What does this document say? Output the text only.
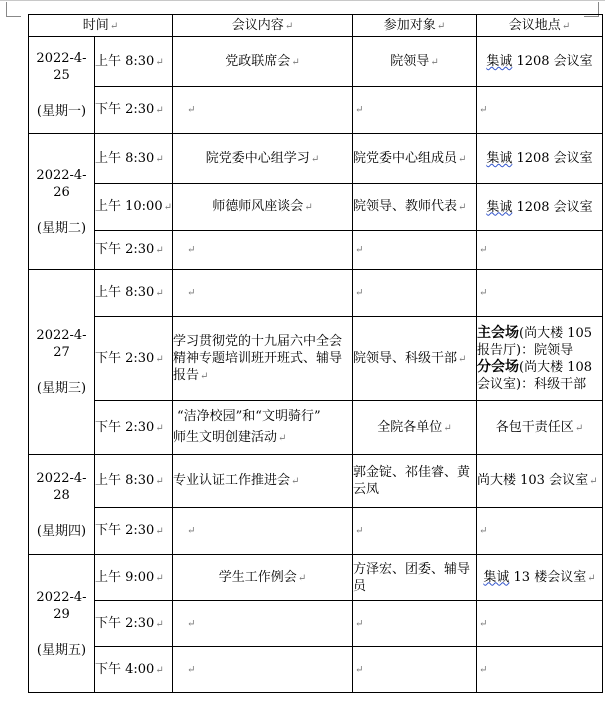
时间↵		会议内容↵	参加对象↵	会议地点↵

2022-4-25
(星期一)	上午 8:30↵	党政联席会↵	院领导↵	集诚 1208 会议室
	下午 2:30↵	↵	↵	↵

2022-4-26
(星期二)	上午 8:30↵	院党委中心组学习↵	院党委中心组成员↵	集诚 1208 会议室
	上午 10:00↵	师德师风座谈会↵	院领导、教师代表↵	集诚 1208 会议室
	下午 2:30↵	↵	↵	↵

2022-4-27
(星期三)	上午 8:30↵	↵	↵	↵

	下午 2:30↵	学习贯彻党的十九届六中全会精神专题培训班开班式、辅导报告↵	院领导、科级干部↵	主会场(尚大楼 105 报告厅)：院领导
分会场(尚大楼 108 会议室)：科级干部
	下午 2:30↵	“洁净校园”和“文明骑行”
师生文明创建活动↵	全院各单位↵	各包干责任区↵

2022-4-28
(星期四)	上午 8:30↵	专业认证工作推进会↵	郭金锭、祁佳睿、黄云凤	尚大楼 103 会议室↵
	下午 2:30↵	↵	↵	↵

2022-4-29
(星期五)	上午 9:00↵	学生工作例会↵	方泽宏、团委、辅导员	集诚 13 楼会议室↵
	下午 2:30↵	↵	↵	↵

	下午 4:00↵	↵	↵	↵
